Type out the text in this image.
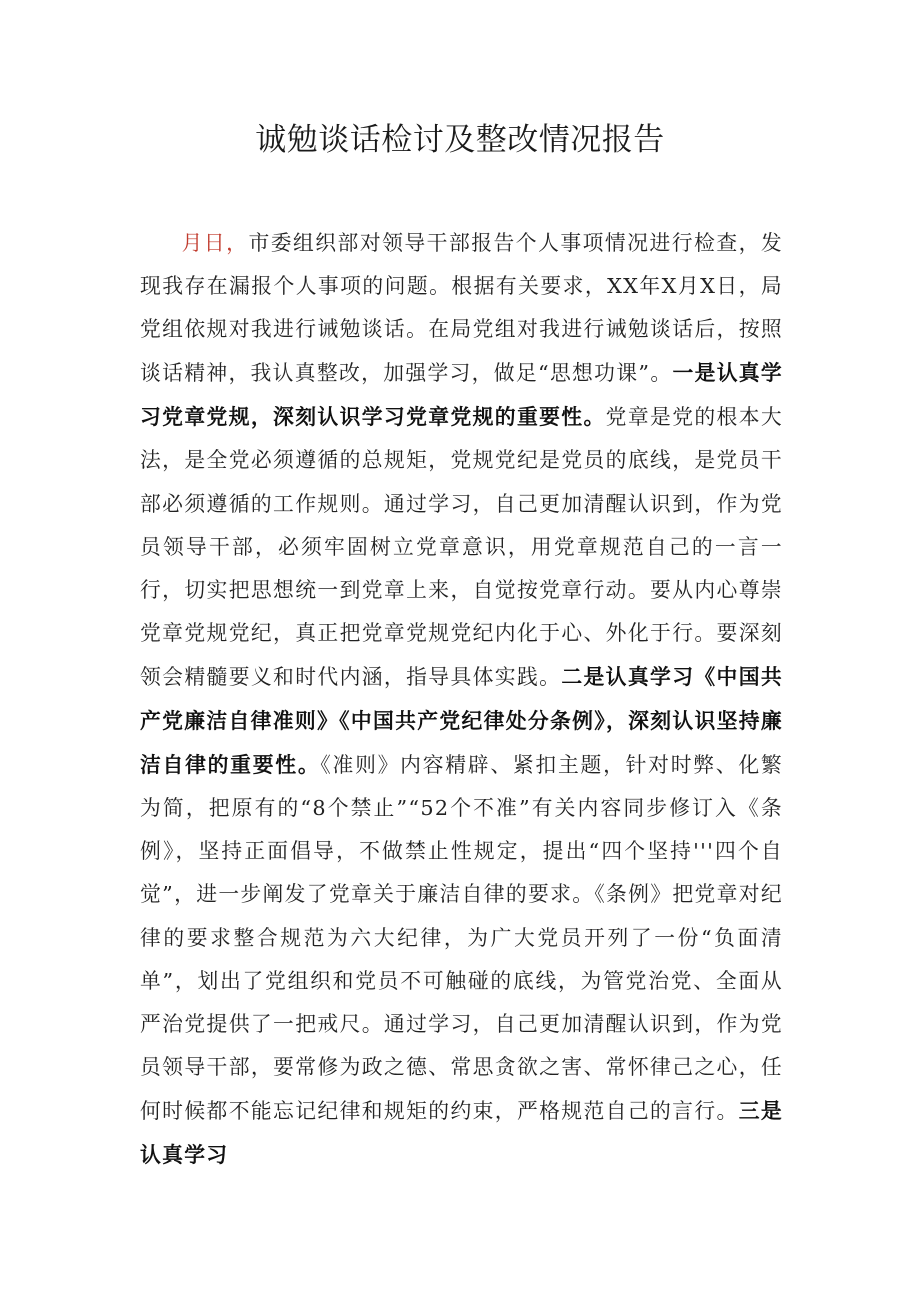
诚勉谈话检讨及整改情况报告

月日，市委组织部对领导干部报告个人事项情况进行检查，发现我存在漏报个人事项的问题。根据有关要求，XX年X月X日，局党组依规对我进行诫勉谈话。在局党组对我进行诫勉谈话后，按照谈话精神，我认真整改，加强学习，做足“思想功课”。一是认真学习党章党规，深刻认识学习党章党规的重要性。党章是党的根本大法，是全党必须遵循的总规矩，党规党纪是党员的底线，是党员干部必须遵循的工作规则。通过学习，自己更加清醒认识到，作为党员领导干部，必须牢固树立党章意识，用党章规范自己的一言一行，切实把思想统一到党章上来，自觉按党章行动。要从内心尊崇党章党规党纪，真正把党章党规党纪内化于心、外化于行。要深刻领会精髓要义和时代内涵，指导具体实践。二是认真学习《中国共产党廉洁自律准则》《中国共产党纪律处分条例》，深刻认识坚持廉洁自律的重要性。《准则》内容精辟、紧扣主题，针对时弊、化繁为简，把原有的“8个禁止”“52个不准”有关内容同步修订入《条例》，坚持正面倡导，不做禁止性规定，提出“四个坚持'''四个自觉”，进一步阐发了党章关于廉洁自律的要求。《条例》把党章对纪律的要求整合规范为六大纪律，为广大党员开列了一份“负面清单”，划出了党组织和党员不可触碰的底线，为管党治党、全面从严治党提供了一把戒尺。通过学习，自己更加清醒认识到，作为党员领导干部，要常修为政之德、常思贪欲之害、常怀律己之心，任何时候都不能忘记纪律和规矩的约束，严格规范自己的言行。三是认真学习
